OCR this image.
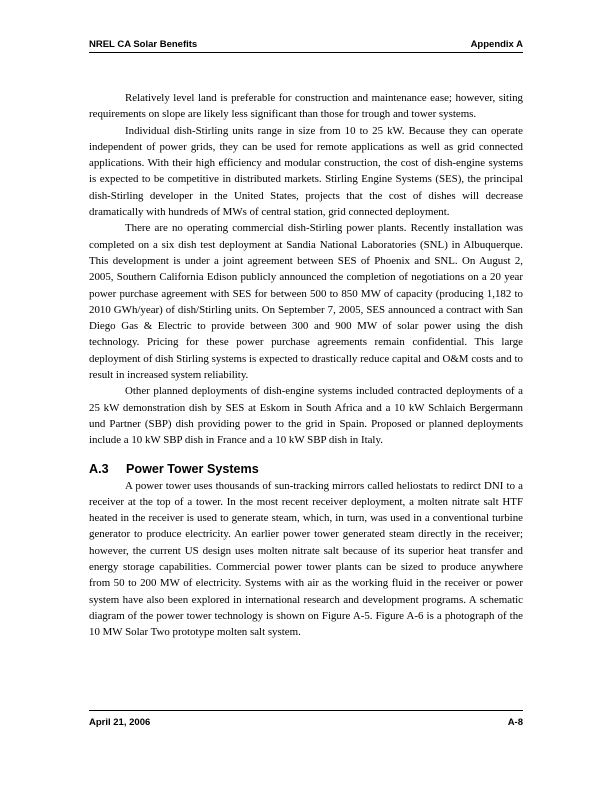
NREL CA Solar Benefits	Appendix A

Relatively level land is preferable for construction and maintenance ease; however, siting requirements on slope are likely less significant than those for trough and tower systems.

Individual dish-Stirling units range in size from 10 to 25 kW. Because they can operate independent of power grids, they can be used for remote applications as well as grid connected applications. With their high efficiency and modular construction, the cost of dish-engine systems is expected to be competitive in distributed markets. Stirling Engine Systems (SES), the principal dish-Stirling developer in the United States, projects that the cost of dishes will decrease dramatically with hundreds of MWs of central station, grid connected deployment.

There are no operating commercial dish-Stirling power plants. Recently installation was completed on a six dish test deployment at Sandia National Laboratories (SNL) in Albuquerque. This development is under a joint agreement between SES of Phoenix and SNL. On August 2, 2005, Southern California Edison publicly announced the completion of negotiations on a 20 year power purchase agreement with SES for between 500 to 850 MW of capacity (producing 1,182 to 2010 GWh/year) of dish/Stirling units. On September 7, 2005, SES announced a contract with San Diego Gas & Electric to provide between 300 and 900 MW of solar power using the dish technology. Pricing for these power purchase agreements remain confidential. This large deployment of dish Stirling systems is expected to drastically reduce capital and O&M costs and to result in increased system reliability.

Other planned deployments of dish-engine systems included contracted deployments of a 25 kW demonstration dish by SES at Eskom in South Africa and a 10 kW Schlaich Bergermann und Partner (SBP) dish providing power to the grid in Spain. Proposed or planned deployments include a 10 kW SBP dish in France and a 10 kW SBP dish in Italy.

A.3 Power Tower Systems

A power tower uses thousands of sun-tracking mirrors called heliostats to redirct DNI to a receiver at the top of a tower. In the most recent receiver deployment, a molten nitrate salt HTF heated in the receiver is used to generate steam, which, in turn, was used in a conventional turbine generator to produce electricity. An earlier power tower generated steam directly in the receiver; however, the current US design uses molten nitrate salt because of its superior heat transfer and energy storage capabilities. Commercial power tower plants can be sized to produce anywhere from 50 to 200 MW of electricity. Systems with air as the working fluid in the receiver or power system have also been explored in international research and development programs. A schematic diagram of the power tower technology is shown on Figure A-5. Figure A-6 is a photograph of the 10 MW Solar Two prototype molten salt system.

April 21, 2006	A-8
